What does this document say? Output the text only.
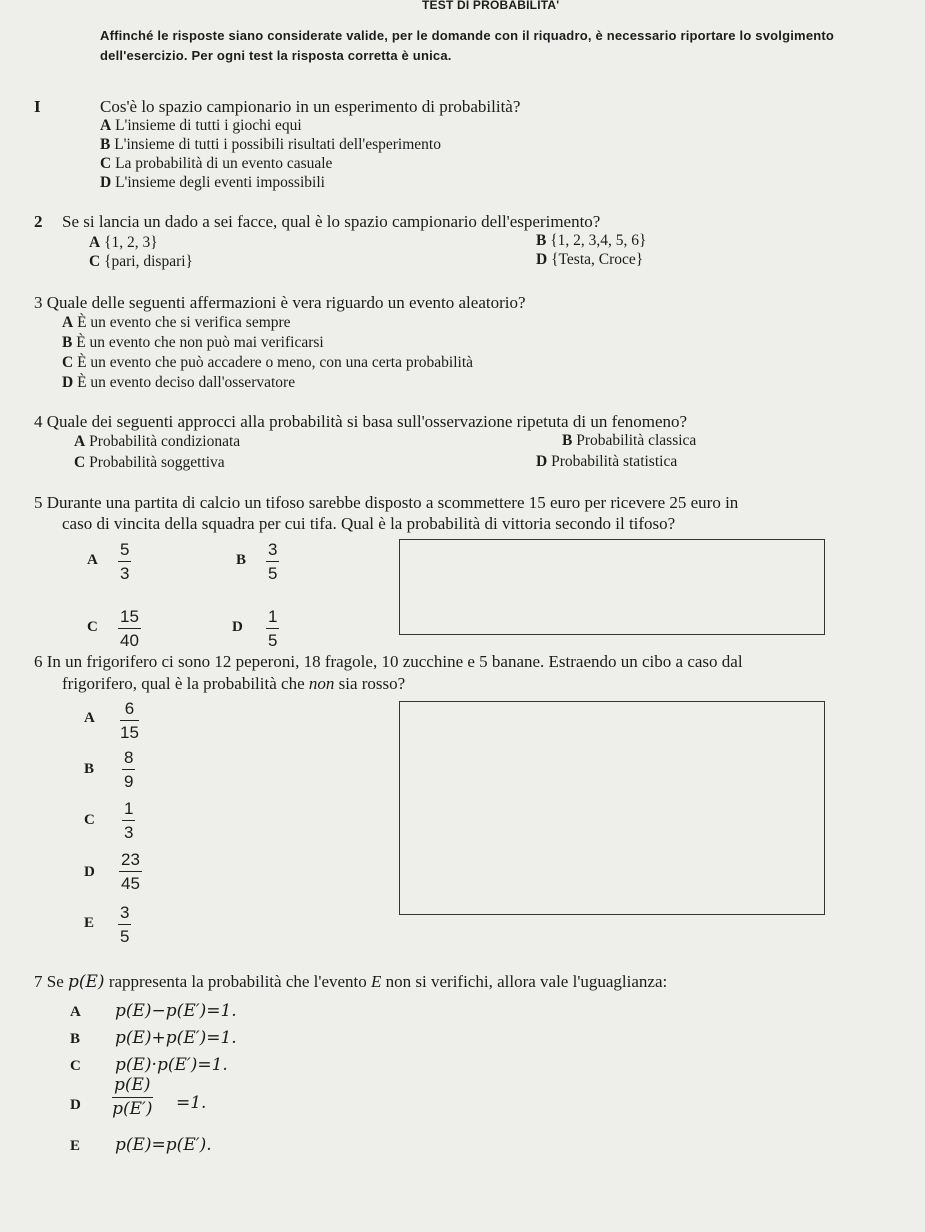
TEST DI PROBABILITA'
Affinché le risposte siano considerate valide, per le domande con il riquadro, è necessario riportare lo svolgimento
dell'esercizio. Per ogni test la risposta corretta è unica.
I	Cos'è lo spazio campionario in un esperimento di probabilità?
A L'insieme di tutti i giochi equi
B L'insieme di tutti i possibili risultati dell'esperimento
C La probabilità di un evento casuale
D L'insieme degli eventi impossibili
2 Se si lancia un dado a sei facce, qual è lo spazio campionario dell'esperimento?
A {1, 2, 3}	B {1, 2, 3,4, 5, 6}
C {pari, dispari}	D {Testa, Croce}
3 Quale delle seguenti affermazioni è vera riguardo un evento aleatorio?
A È un evento che si verifica sempre
B È un evento che non può mai verificarsi
C È un evento che può accadere o meno, con una certa probabilità
D È un evento deciso dall'osservatore
4 Quale dei seguenti approcci alla probabilità si basa sull'osservazione ripetuta di un fenomeno?
A Probabilità condizionata	B Probabilità classica
C Probabilità soggettiva	D Probabilità statistica
5 Durante una partita di calcio un tifoso sarebbe disposto a scommettere 15 euro per ricevere 25 euro in
caso di vincita della squadra per cui tifa. Qual è la probabilità di vittoria secondo il tifoso?
A
5
3
B
3
5
C
15
40
D
1
5
6 In un frigorifero ci sono 12 peperoni, 18 fragole, 10 zucchine e 5 banane. Estraendo un cibo a caso dal
frigorifero, qual è la probabilità che non sia rosso?
A 6
15
B
8
9
C
1
3
D
23
45
E
3
5
7 Se p(E) rappresenta la probabilità che l'evento E non si verifichi, allora vale l'uguaglianza:
A p(E)−p(E′)=1.
B p(E)+p(E′)=1.
C p(E)·p(E′)=1.
D
p(E)
p(E′) =1.
E p(E)=p(E′).
